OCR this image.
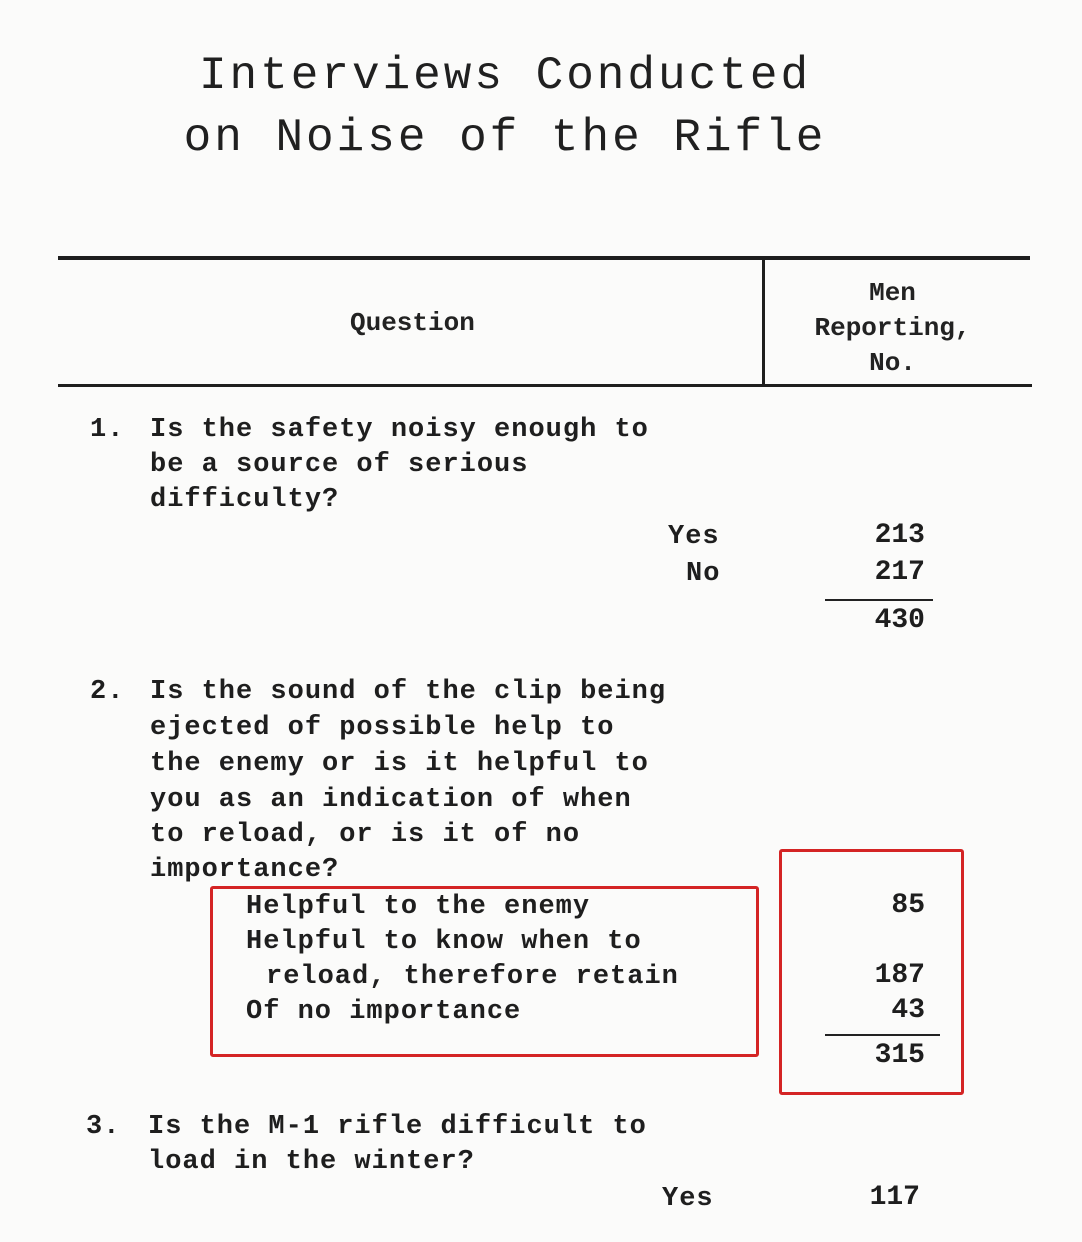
Interviews Conducted
on Noise of the Rifle
Question
Men
Reporting,
No.
1. Is the safety noisy enough to
be a source of serious
difficulty?
Yes	213
No	217
430
2. Is the sound of the clip being
ejected of possible help to
the enemy or is it helpful to
you as an indication of when
to reload, or is it of no
importance?
Helpful to the enemy	85
Helpful to know when to
reload, therefore retain	187
Of no importance	43
315
3. Is the M-1 rifle difficult to
load in the winter?
Yes	117
